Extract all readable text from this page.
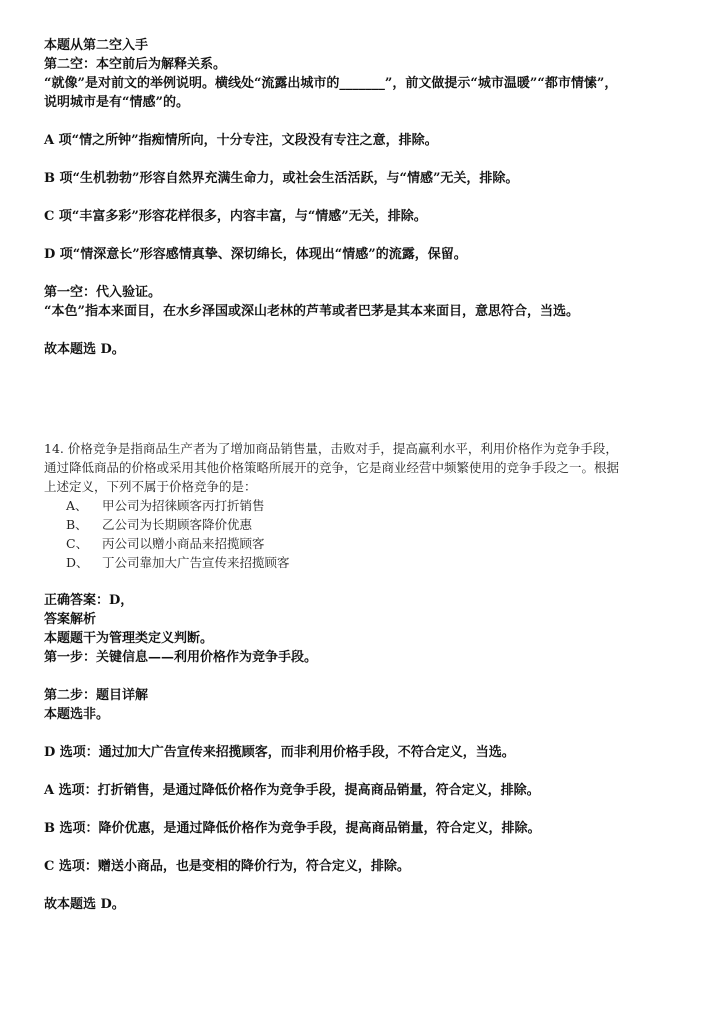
本题从第二空入手
第二空：本空前后为解释关系。
“就像”是对前文的举例说明。横线处“流露出城市的_______”，前文做提示“城市温暖”“都市情愫”，
说明城市是有“情感”的。
A 项“情之所钟”指痴情所向，十分专注，文段没有专注之意，排除。
B 项“生机勃勃”形容自然界充满生命力，或社会生活活跃，与“情感”无关，排除。
C 项“丰富多彩”形容花样很多，内容丰富，与“情感”无关，排除。
D 项“情深意长”形容感情真挚、深切绵长，体现出“情感”的流露，保留。
第一空：代入验证。
“本色”指本来面目，在水乡泽国或深山老林的芦苇或者巴茅是其本来面目，意思符合，当选。
故本题选 D。
14. 价格竞争是指商品生产者为了增加商品销售量，击败对手，提高赢利水平，利用价格作为竞争手段，
通过降低商品的价格或采用其他价格策略所展开的竞争，它是商业经营中频繁使用的竞争手段之一。根据
上述定义，下列不属于价格竞争的是：
A、 甲公司为招徕顾客丙打折销售
B、 乙公司为长期顾客降价优惠
C、 丙公司以赠小商品来招揽顾客
D、 丁公司靠加大广告宣传来招揽顾客
正确答案：D，
答案解析
本题题干为管理类定义判断。
第一步：关键信息——利用价格作为竞争手段。
第二步：题目详解
本题选非。
D 选项：通过加大广告宣传来招揽顾客，而非利用价格手段，不符合定义，当选。
A 选项：打折销售，是通过降低价格作为竞争手段，提高商品销量，符合定义，排除。
B 选项：降价优惠，是通过降低价格作为竞争手段，提高商品销量，符合定义，排除。
C 选项：赠送小商品，也是变相的降价行为，符合定义，排除。
故本题选 D。
